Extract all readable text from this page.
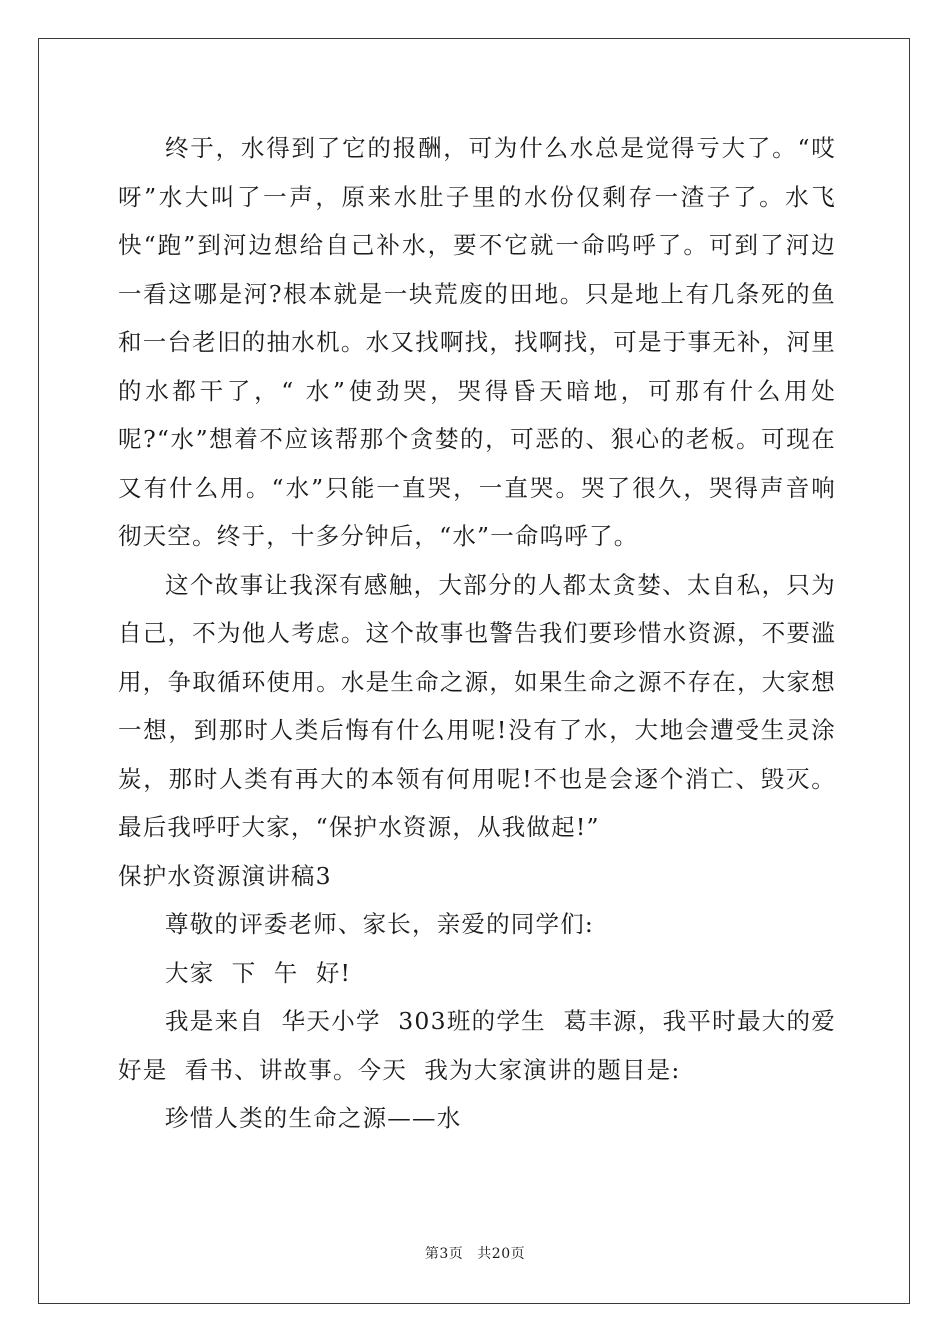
终于，水得到了它的报酬，可为什么水总是觉得亏大了。“哎呀”水大叫了一声，原来水肚子里的水份仅剩存一渣子了。水飞快“跑”到河边想给自己补水，要不它就一命呜呼了。可到了河边一看这哪是河?根本就是一块荒废的田地。只是地上有几条死的鱼和一台老旧的抽水机。水又找啊找，找啊找，可是于事无补，河里的水都干了，“ 水”使劲哭，哭得昏天暗地，可那有什么用处呢?“水”想着不应该帮那个贪婪的，可恶的、狠心的老板。可现在又有什么用。“水”只能一直哭，一直哭。哭了很久，哭得声音响彻天空。终于，十多分钟后，“水”一命呜呼了。

这个故事让我深有感触，大部分的人都太贪婪、太自私，只为自己，不为他人考虑。这个故事也警告我们要珍惜水资源，不要滥用，争取循环使用。水是生命之源，如果生命之源不存在，大家想一想，到那时人类后悔有什么用呢!没有了水，大地会遭受生灵涂炭，那时人类有再大的本领有何用呢!不也是会逐个消亡、毁灭。最后我呼吁大家，“保护水资源，从我做起!”

保护水资源演讲稿3

尊敬的评委老师、家长，亲爱的同学们:

大家  下  午  好!

我是来自  华天小学  303班的学生  葛丰源，我平时最大的爱好是  看书、讲故事。今天  我为大家演讲的题目是:

珍惜人类的生命之源——水

第3页 共20页
